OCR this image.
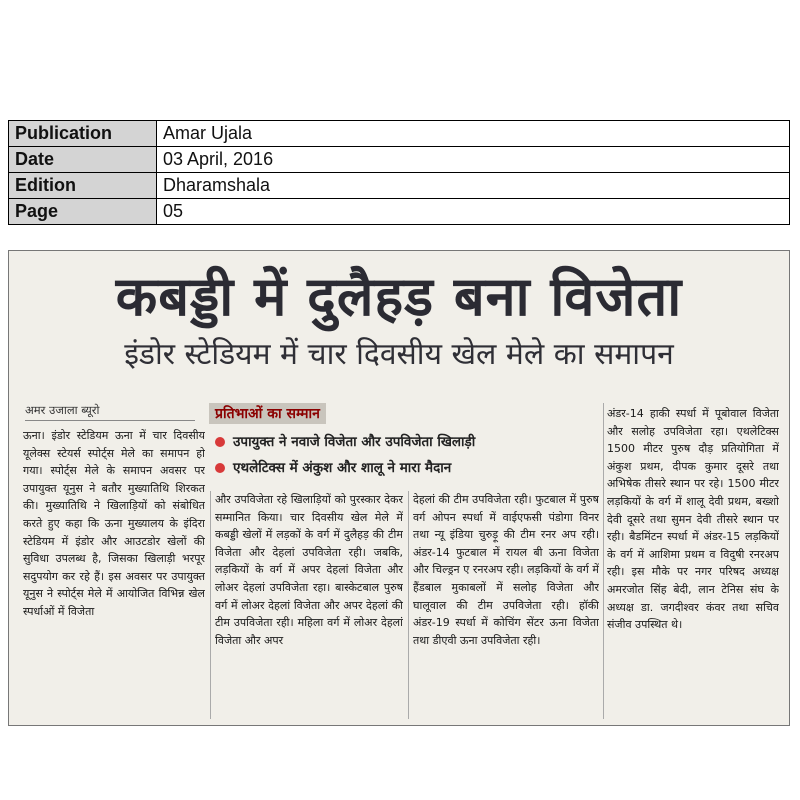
Publication	Amar Ujala
Date	03 April, 2016
Edition	Dharamshala
Page	05
कबड्डी में दुलैहड़ बना विजेता
इंडोर स्टेडियम में चार दिवसीय खेल मेले का समापन
अमर उजाला ब्यूरो	प्रतिभाओं का सम्मान
उपायुक्त ने नवाजे विजेता और उपविजेता खिलाड़ी
एथलेटिक्स में अंकुश और शालू ने मारा मैदान
ऊना। इंडोर स्टेडियम ऊना में चार दिवसीय यूलेक्स स्टेयर्स स्पोर्ट्स मेले का समापन हो गया। स्पोर्ट्स मेले के समापन अवसर पर उपायुक्त यूनुस ने बतौर मुख्यातिथि शिरकत की। मुख्यातिथि ने खिलाड़ियों को संबोधित करते हुए कहा कि ऊना मुख्यालय के इंदिरा स्टेडियम में इंडोर और आउटडोर खेलों की सुविधा उपलब्ध है, जिसका खिलाड़ी भरपूर सदुपयोग कर रहे हैं। इस अवसर पर उपायुक्त यूनुस ने स्पोर्ट्स मेले में आयोजित विभिन्न खेल स्पर्धाओं में विजेता
और उपविजेता रहे खिलाड़ियों को पुरस्कार देकर सम्मानित किया। चार दिवसीय खेल मेले में कबड्डी खेलों में लड़कों के वर्ग में दुलैहड़ की टीम विजेता और देहलां उपविजेता रही। जबकि, लड़कियों के वर्ग में अपर देहलां विजेता और लोअर देहलां उपविजेता रहा। बास्केटबाल पुरुष वर्ग में लोअर देहलां विजेता और अपर देहलां की टीम उपविजेता रही। महिला वर्ग में लोअर देहलां विजेता और अपर
देहलां की टीम उपविजेता रही। फुटबाल में पुरुष वर्ग ओपन स्पर्धा में वाईएफसी पंडोगा विनर तथा न्यू इंडिया चुरुड़ू की टीम रनर अप रही। अंडर-14 फुटबाल में रायल बी ऊना विजेता और चिल्ड्रन ए रनरअप रही। लड़कियों के वर्ग में हैंडबाल मुकाबलों में सलोह विजेता और घालूवाल की टीम उपविजेता रही। हॉकी अंडर-19 स्पर्धा में कोचिंग सेंटर ऊना विजेता तथा डीएवी ऊना उपविजेता रही।
अंडर-14 हाकी स्पर्धा में पूबोवाल विजेता और सलोह उपविजेता रहा। एथलेटिक्स 1500 मीटर पुरुष दौड़ प्रतियोगिता में अंकुश प्रथम, दीपक कुमार दूसरे तथा अभिषेक तीसरे स्थान पर रहे। 1500 मीटर लड़कियों के वर्ग में शालू देवी प्रथम, बख्शो देवी दूसरे तथा सुमन देवी तीसरे स्थान पर रही। बैडमिंटन स्पर्धा में अंडर-15 लड़कियों के वर्ग में आशिमा प्रथम व विदुषी रनरअप रही। इस मौके पर नगर परिषद अध्यक्ष अमरजोत सिंह बेदी, लान टेनिस संघ के अध्यक्ष डा. जगदीश्वर कंवर तथा सचिव संजीव उपस्थित थे।
